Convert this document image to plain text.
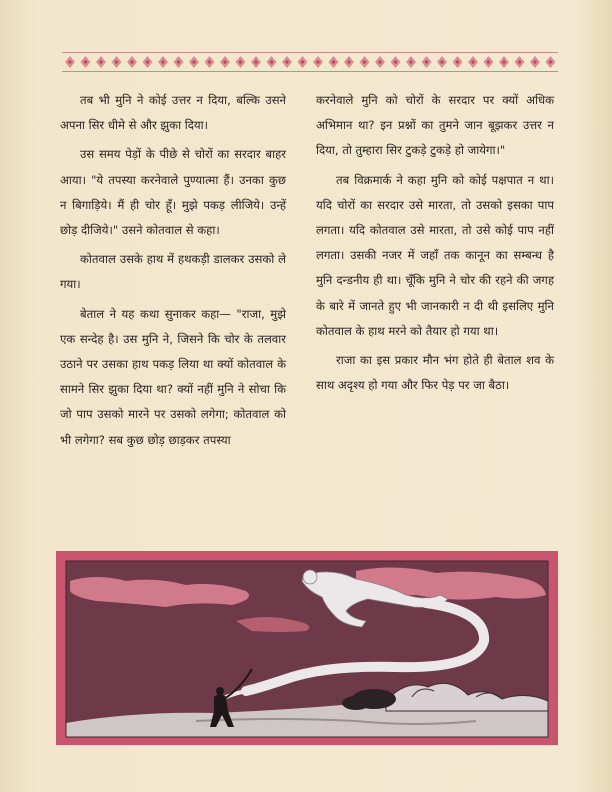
तब भी मुनि ने कोई उत्तर न दिया, बल्कि उसने अपना सिर धीमे से और झुका दिया।

उस समय पेड़ों के पीछे से चोरों का सरदार बाहर आया। "ये तपस्या करनेवाले पुण्यात्मा हैं। उनका कुछ न बिगाड़िये। मैं ही चोर हूँ। मुझे पकड़ लीजिये। उन्हें छोड़ दीजिये।" उसने कोतवाल से कहा।

कोतवाल उसके हाथ में हथकड़ी डालकर उसको ले गया।

बेताल ने यह कथा सुनाकर कहा— "राजा, मुझे एक सन्देह है। उस मुनि ने, जिसने कि चोर के तलवार उठाने पर उसका हाथ पकड़ लिया था क्यों कोतवाल के सामने सिर झुका दिया था? क्यों नहीं मुनि ने सोचा कि जो पाप उसको मारने पर उसको लगेगा; कोतवाल को भी लगेगा? सब कुछ छोड़ छाड़कर तपस्या

करनेवाले मुनि को चोरों के सरदार पर क्यों अधिक अभिमान था? इन प्रश्नों का तुमने जान बूझकर उत्तर न दिया, तो तुम्हारा सिर टुकड़े टुकड़े हो जायेगा।"

तब विक्रमार्क ने कहा मुनि को कोई पक्षपात न था। यदि चोरों का सरदार उसे मारता, तो उसको इसका पाप लगता। यदि कोतवाल उसे मारता, तो उसे कोई पाप नहीं लगता। उसकी नजर में जहाँ तक कानून का सम्बन्ध है मुनि दन्डनीय ही था। चूँकि मुनि ने चोर की रहने की जगह के बारे में जानते हुए भी जानकारी न दी थी इसलिए मुनि कोतवाल के हाथ मरने को तैयार हो गया था।

राजा का इस प्रकार मौन भंग होते ही बेताल शव के साथ अदृश्य हो गया और फिर पेड़ पर जा बैठा।
